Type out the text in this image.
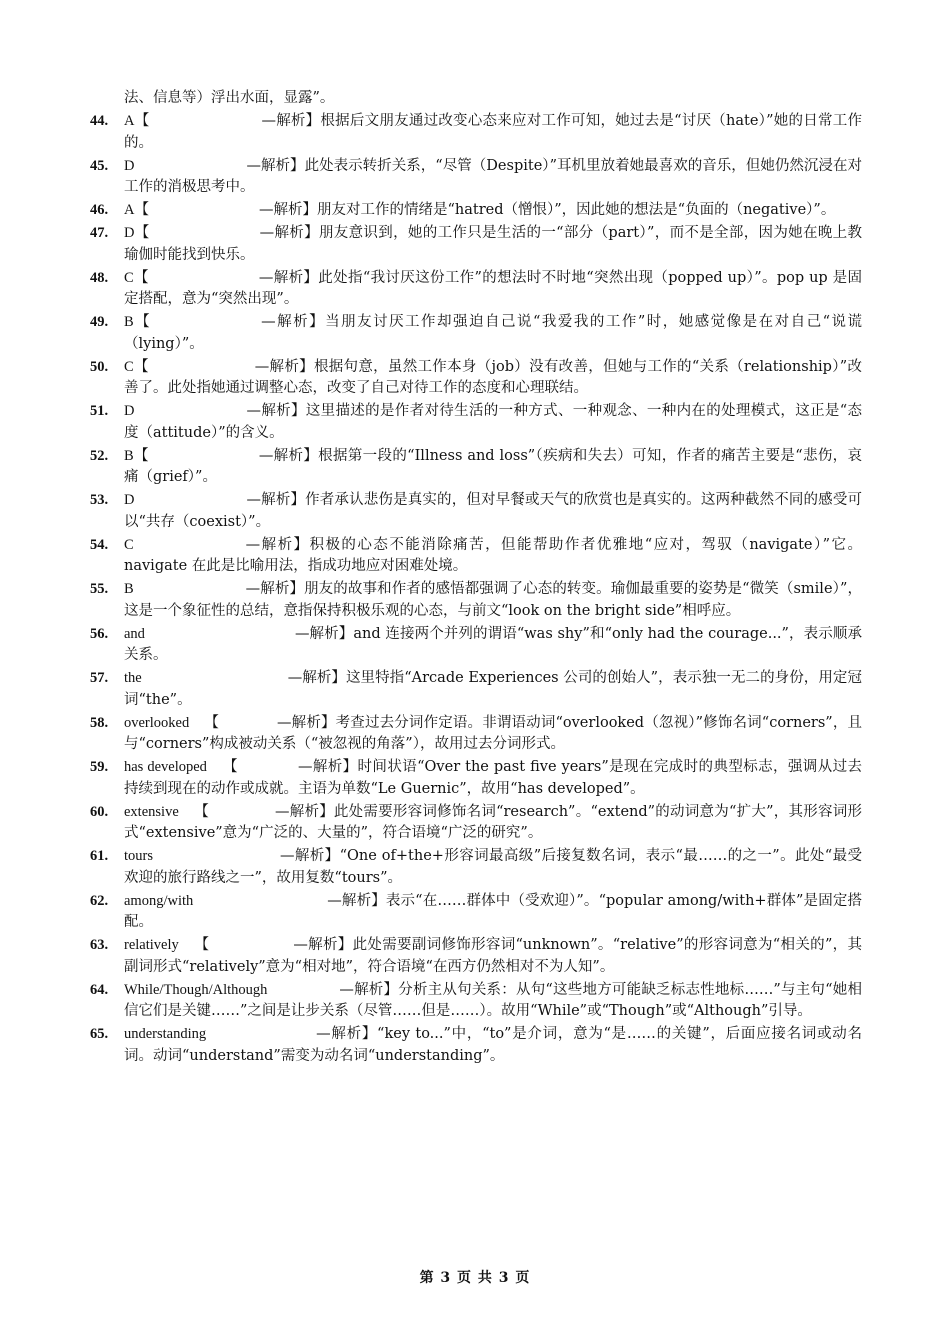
法、信息等）浮出水面，显露”。
44.	A【	—解析】根据后文朋友通过改变心态来应对工作可知，她过去是“讨厌（hate）”她的日常工作的。
45.	D	—解析】此处表示转折关系，“尽管（Despite）”耳机里放着她最喜欢的音乐，但她仍然沉浸在对工作的消极思考中。
46.	A【	—解析】朋友对工作的情绪是“hatred（憎恨）”，因此她的想法是“负面的（negative）”。
47.	D【	—解析】朋友意识到，她的工作只是生活的一“部分（part）”，而不是全部，因为她在晚上教瑜伽时能找到快乐。
48.	C【	—解析】此处指“我讨厌这份工作”的想法时不时地“突然出现（popped up）”。pop up 是固定搭配，意为“突然出现”。
49.	B【	—解析】当朋友讨厌工作却强迫自己说“我爱我的工作”时，她感觉像是在对自己“说谎（lying）”。
50.	C【	—解析】根据句意，虽然工作本身（job）没有改善，但她与工作的“关系（relationship）”改善了。此处指她通过调整心态，改变了自己对待工作的态度和心理联结。
51.	D	—解析】这里描述的是作者对待生活的一种方式、一种观念、一种内在的处理模式，这正是“态度（attitude）”的含义。
52.	B【	—解析】根据第一段的“Illness and loss”（疾病和失去）可知，作者的痛苦主要是“悲伤，哀痛（grief）”。
53.	D	—解析】作者承认悲伤是真实的，但对早餐或天气的欣赏也是真实的。这两种截然不同的感受可以“共存（coexist）”。
54.	C	—解析】积极的心态不能消除痛苦，但能帮助作者优雅地“应对，驾驭（navigate）”它。navigate 在此是比喻用法，指成功地应对困难处境。
55.	B	—解析】朋友的故事和作者的感悟都强调了心态的转变。瑜伽最重要的姿势是“微笑（smile）”，这是一个象征性的总结，意指保持积极乐观的心态，与前文“look on the bright side”相呼应。
56.	and	—解析】and 连接两个并列的谓语“was shy”和“only had the courage...”，表示顺承关系。
57.	the	—解析】这里特指“Arcade Experiences 公司的创始人”，表示独一无二的身份，用定冠词“the”。
58.	overlooked    【	—解析】考查过去分词作定语。非谓语动词“overlooked（忽视）”修饰名词“corners”，且与“corners”构成被动关系（“被忽视的角落”），故用过去分词形式。
59.	has developed    【	—解析】时间状语“Over the past five years”是现在完成时的典型标志，强调从过去持续到现在的动作或成就。主语为单数“Le Guernic”，故用“has developed”。
60.	extensive    【	—解析】此处需要形容词修饰名词“research”。“extend”的动词意为“扩大”，其形容词形式“extensive”意为“广泛的、大量的”，符合语境“广泛的研究”。
61.	tours	—解析】“One of+the+形容词最高级”后接复数名词，表示“最……的之一”。此处“最受欢迎的旅行路线之一”，故用复数“tours”。
62.	among/with	—解析】表示“在……群体中（受欢迎）”。“popular among/with+群体”是固定搭配。
63.	relatively    【	—解析】此处需要副词修饰形容词“unknown”。“relative”的形容词意为“相关的”，其副词形式“relatively”意为“相对地”，符合语境“在西方仍然相对不为人知”。
64.	While/Though/Although	—解析】分析主从句关系：从句“这些地方可能缺乏标志性地标……”与主句“她相信它们是关键……”之间是让步关系（尽管……但是……）。故用“While”或“Though”或“Although”引导。
65.	understanding	—解析】“key to...”中，“to”是介词，意为“是……的关键”，后面应接名词或动名词。动词“understand”需变为动名词“understanding”。
第 3 页 共 3 页
